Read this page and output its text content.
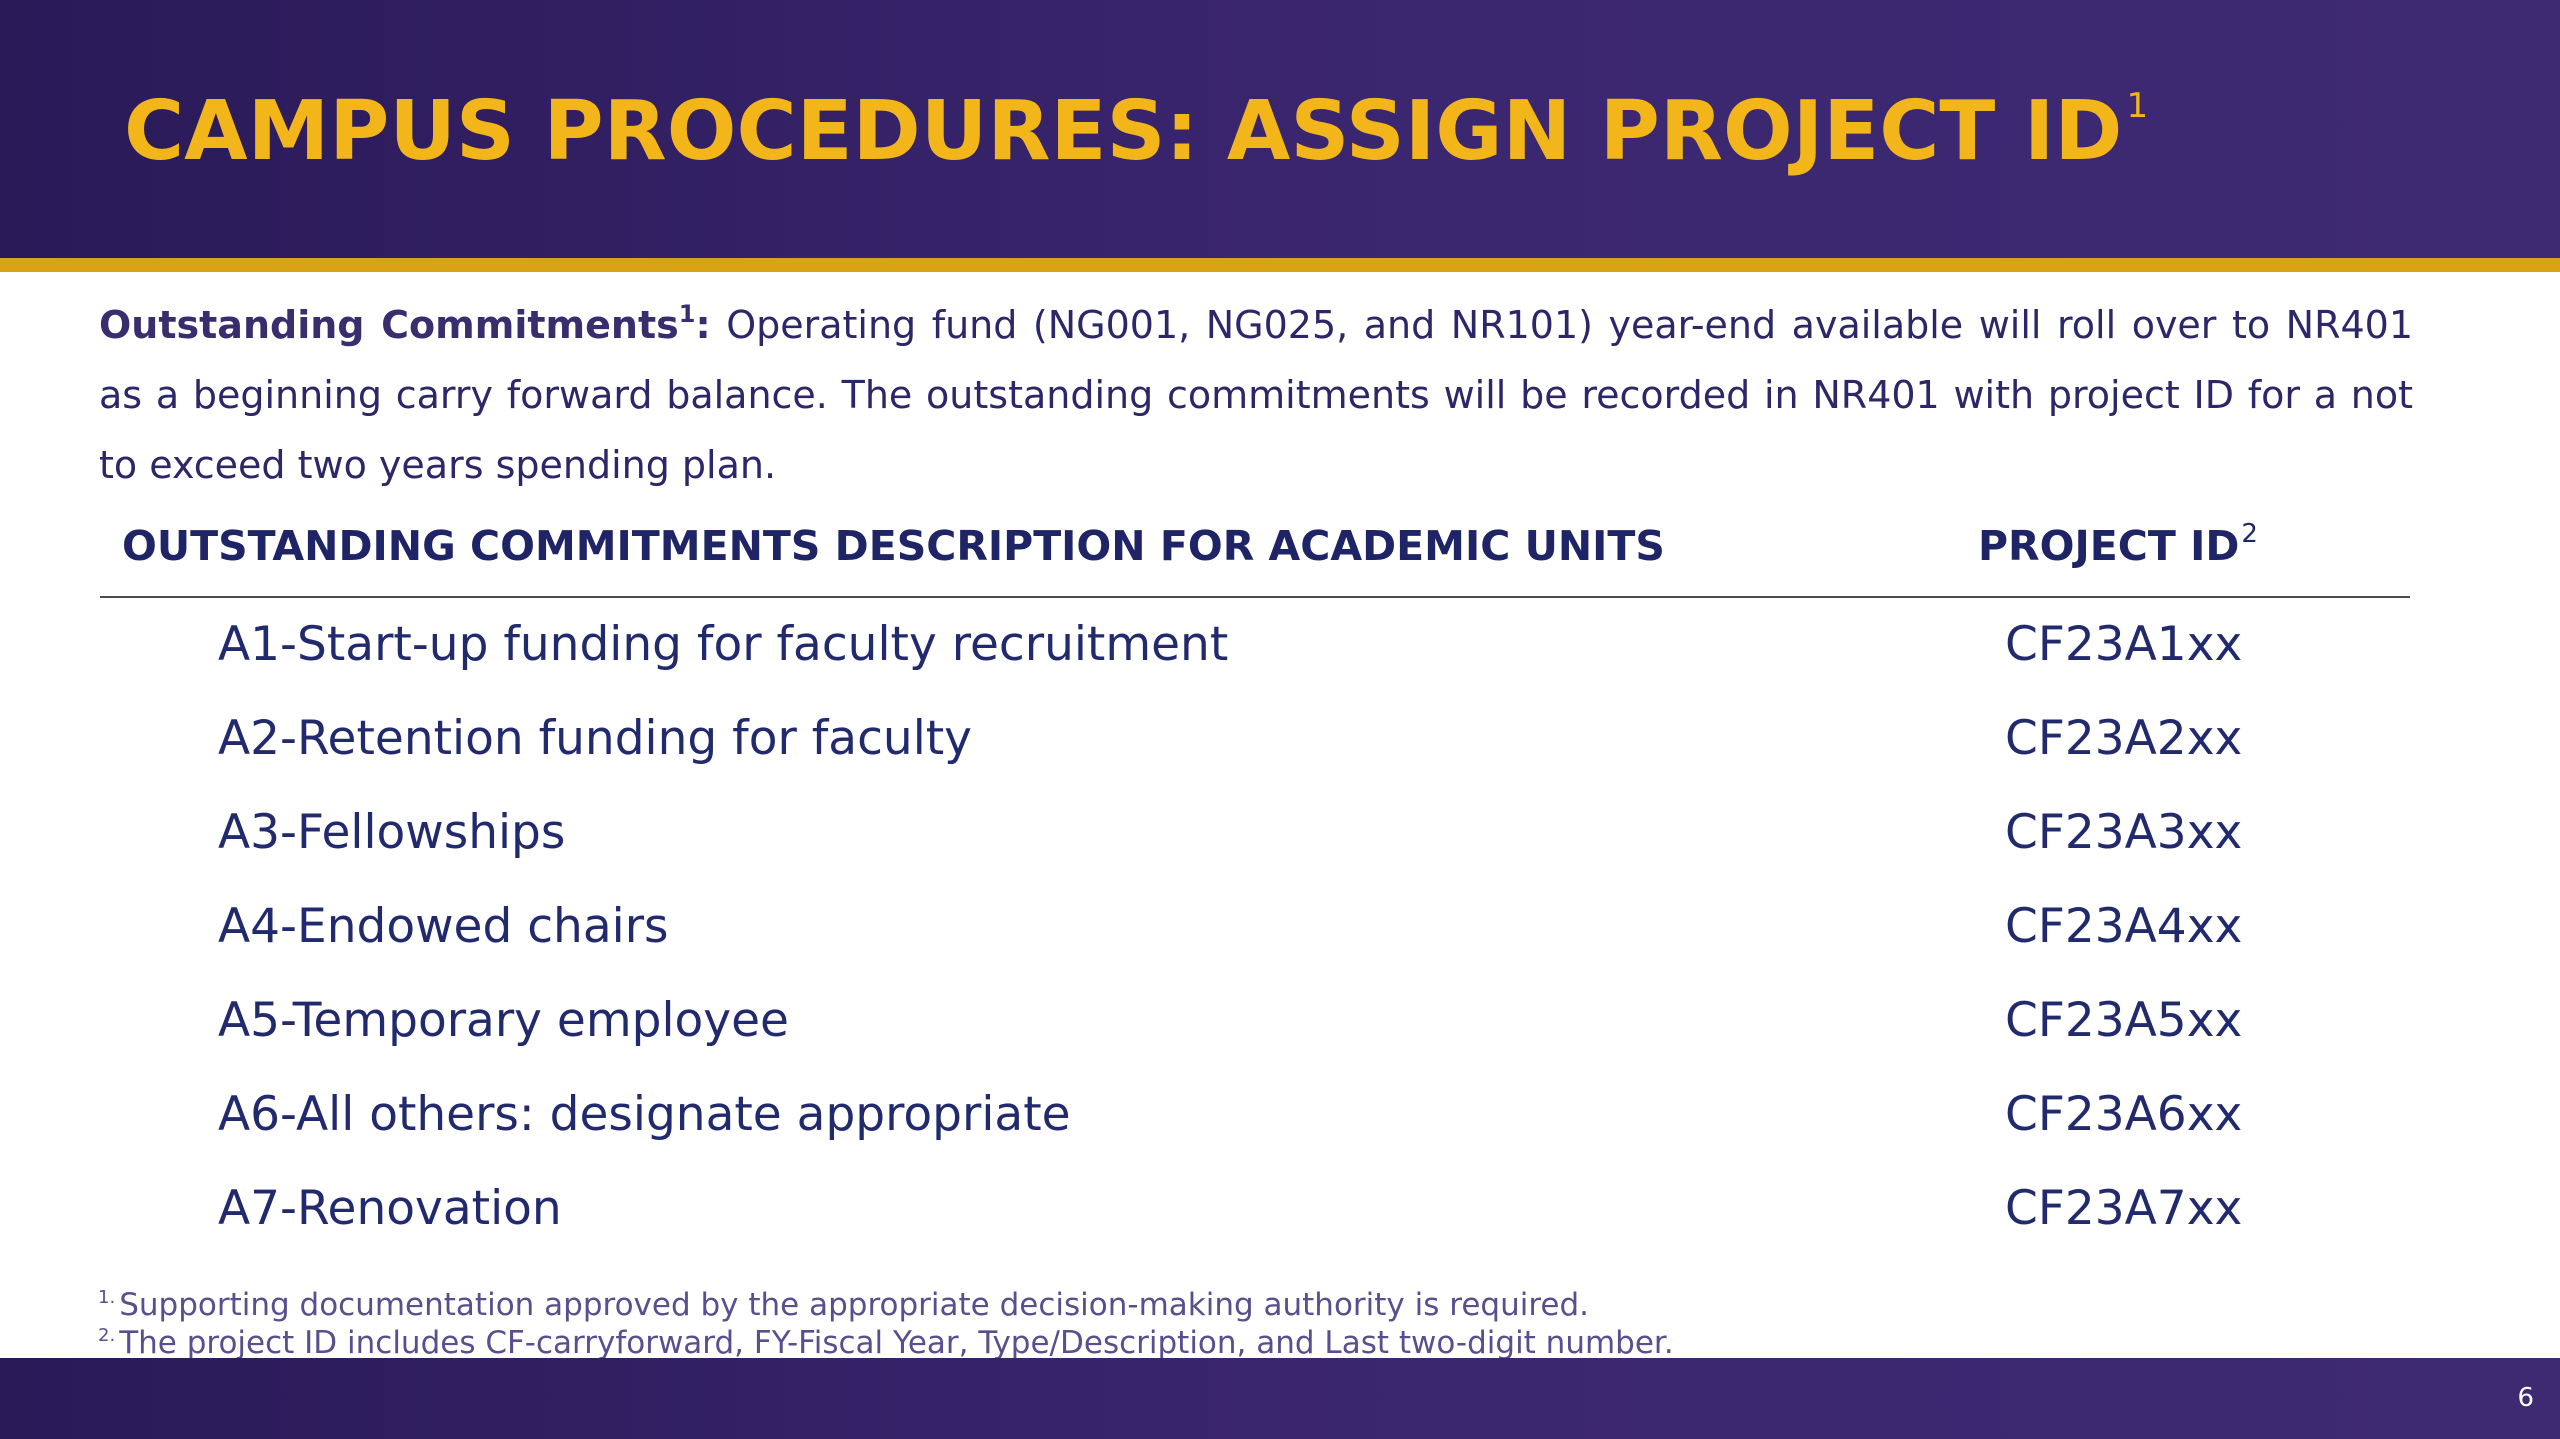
CAMPUS PROCEDURES: ASSIGN PROJECT ID $^1$

Outstanding Commitments$^1$: Operating fund (NG001, NG025, and NR101) year-end available will roll over to NR401 as a beginning carry forward balance. The outstanding commitments will be recorded in NR401 with project ID for a not to exceed two years spending plan.

OUTSTANDING COMMITMENTS DESCRIPTION FOR ACADEMIC UNITS	PROJECT $ID^2$
A1-Start-up funding for faculty recruitment	CF23A1xx
A2-Retention funding for faculty	CF23A2xx
A3-Fellowships	CF23A3xx
A4-Endowed chairs	CF23A4xx
A5-Temporary employee	CF23A5xx
A6-All others: designate appropriate	CF23A6xx
A7-Renovation	CF23A7xx
$^{1.}$ Supporting documentation approved by the appropriate decision-making authority is required.
$^{2.}$ The project ID includes CF-carryforward, FY-Fiscal Year, Type/Description, and Last two-digit number.
6
